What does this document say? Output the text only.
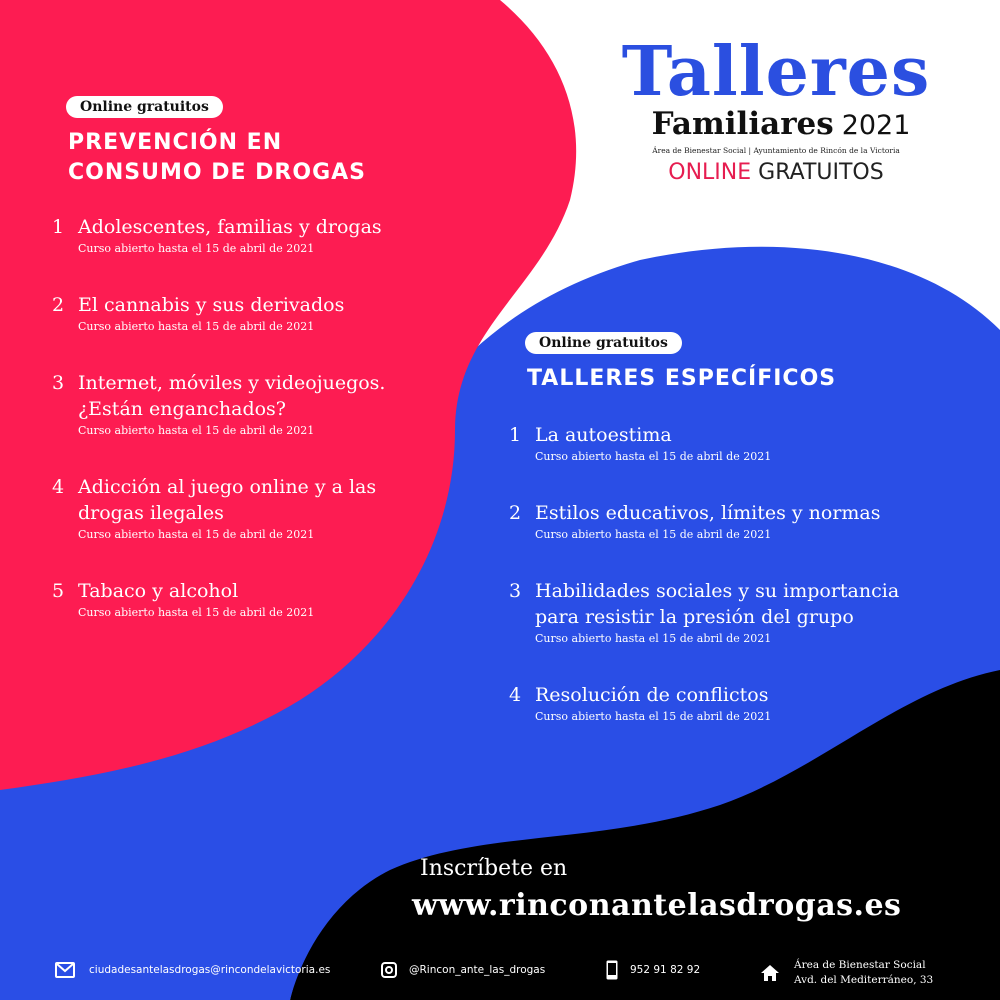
Talleres
Familiares 2021
Área de Bienestar Social | Ayuntamiento de Rincón de la Victoria
ONLINE GRATUITOS
Online gratuitos
PREVENCIÓN EN
CONSUMO DE DROGAS
1 Adolescentes, familias y drogas
Curso abierto hasta el 15 de abril de 2021
2 El cannabis y sus derivados
Curso abierto hasta el 15 de abril de 2021
3 Internet, móviles y videojuegos.
¿Están enganchados?
Curso abierto hasta el 15 de abril de 2021
4 Adicción al juego online y a las
drogas ilegales
Curso abierto hasta el 15 de abril de 2021
5 Tabaco y alcohol
Curso abierto hasta el 15 de abril de 2021
Online gratuitos
TALLERES ESPECÍFICOS
1 La autoestima
Curso abierto hasta el 15 de abril de 2021
2 Estilos educativos, límites y normas
Curso abierto hasta el 15 de abril de 2021
3 Habilidades sociales y su importancia
para resistir la presión del grupo
Curso abierto hasta el 15 de abril de 2021
4 Resolución de conflictos
Curso abierto hasta el 15 de abril de 2021
Inscríbete en
www.rinconantelasdrogas.es
ciudadesantelasdrogas@rincondelavictoria.es	@Rincon_ante_las_drogas	952 91 82 92	Área de Bienestar Social
Avd. del Mediterráneo, 33
